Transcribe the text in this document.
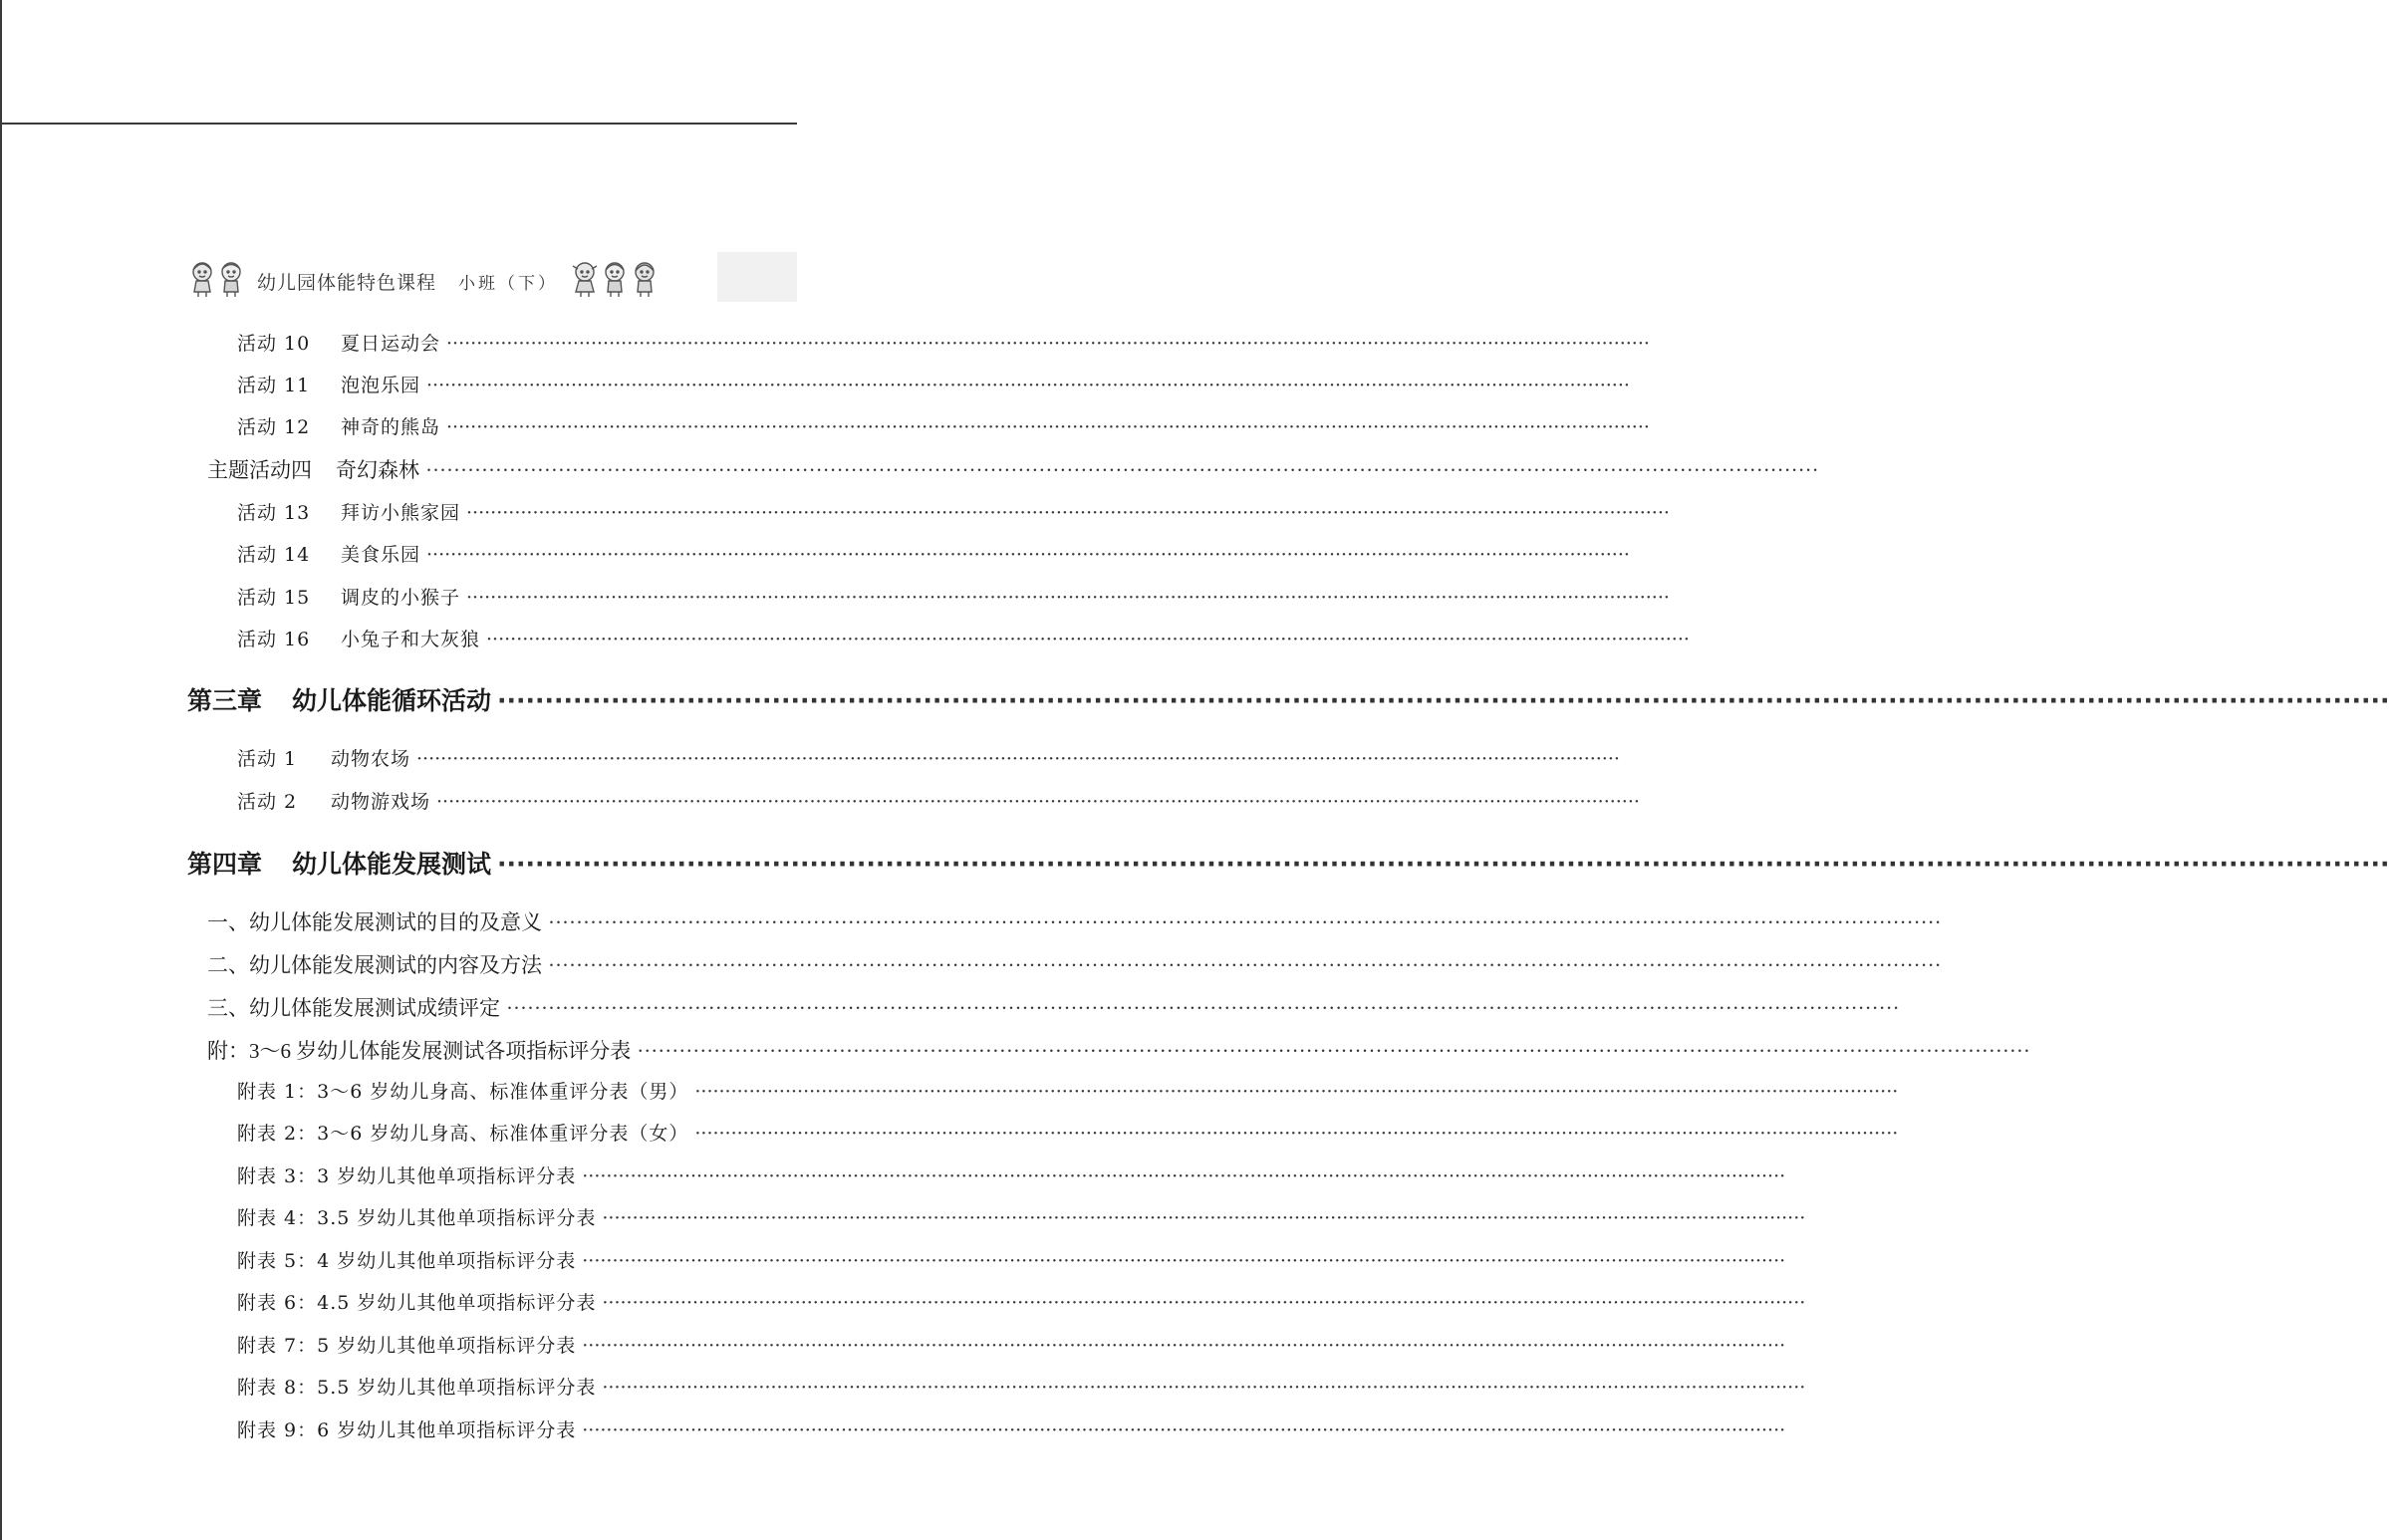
幼儿园体能特色课程 小班（下）
活动 10	夏日运动会 ········································································································································································································
活动 11	泡泡乐园 ········································································································································································································
活动 12	神奇的熊岛 ········································································································································································································
主题活动四 奇幻森林 ········································································································································································································
活动 13	拜访小熊家园 ········································································································································································································
活动 14	美食乐园 ········································································································································································································
活动 15	调皮的小猴子 ········································································································································································································
活动 16	小兔子和大灰狼 ········································································································································································································
第三章 幼儿体能循环活动 ········································································································································································································
活动 1	动物农场 ········································································································································································································
活动 2	动物游戏场 ········································································································································································································
第四章 幼儿体能发展测试 ········································································································································································································
一、幼儿体能发展测试的目的及意义 ········································································································································································································
二、幼儿体能发展测试的内容及方法 ········································································································································································································
三、幼儿体能发展测试成绩评定 ········································································································································································································
附：3～6 岁幼儿体能发展测试各项指标评分表 ········································································································································································································
附表 1：3～6 岁幼儿身高、标准体重评分表（男） ········································································································································································································
附表 2：3～6 岁幼儿身高、标准体重评分表（女） ········································································································································································································
附表 3：3 岁幼儿其他单项指标评分表 ········································································································································································································
附表 4：3.5 岁幼儿其他单项指标评分表 ········································································································································································································
附表 5：4 岁幼儿其他单项指标评分表 ········································································································································································································
附表 6：4.5 岁幼儿其他单项指标评分表 ········································································································································································································
附表 7：5 岁幼儿其他单项指标评分表 ········································································································································································································
附表 8：5.5 岁幼儿其他单项指标评分表 ········································································································································································································
附表 9：6 岁幼儿其他单项指标评分表 ········································································································································································································
